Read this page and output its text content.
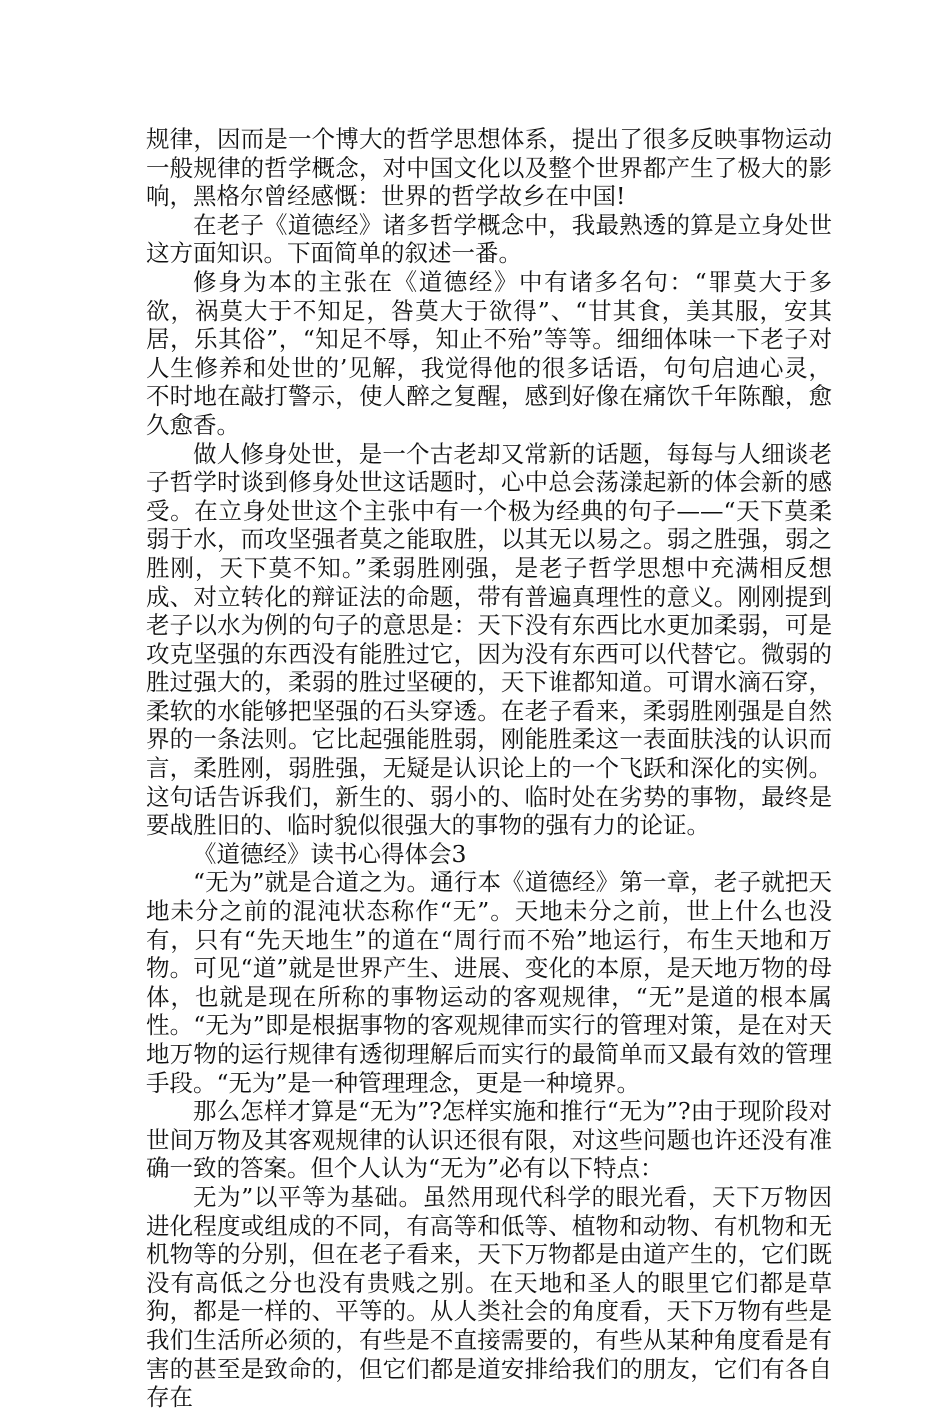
规律，因而是一个博大的哲学思想体系，提出了很多反映事物运动一般规律的哲学概念，对中国文化以及整个世界都产生了极大的影响，黑格尔曾经感慨：世界的哲学故乡在中国!

在老子《道德经》诸多哲学概念中，我最熟透的算是立身处世这方面知识。下面简单的叙述一番。

修身为本的主张在《道德经》中有诸多名句：“罪莫大于多欲，祸莫大于不知足，咎莫大于欲得”、“甘其食，美其服，安其居，乐其俗”，“知足不辱，知止不殆”等等。细细体味一下老子对人生修养和处世的’见解，我觉得他的很多话语，句句启迪心灵，不时地在敲打警示，使人醉之复醒，感到好像在痛饮千年陈酿，愈久愈香。

做人修身处世，是一个古老却又常新的话题，每每与人细谈老子哲学时谈到修身处世这话题时，心中总会荡漾起新的体会新的感受。在立身处世这个主张中有一个极为经典的句子——“天下莫柔弱于水，而攻坚强者莫之能取胜，以其无以易之。弱之胜强，弱之胜刚，天下莫不知。”柔弱胜刚强，是老子哲学思想中充满相反想成、对立转化的辩证法的命题，带有普遍真理性的意义。刚刚提到老子以水为例的句子的意思是：天下没有东西比水更加柔弱，可是攻克坚强的东西没有能胜过它，因为没有东西可以代替它。微弱的胜过强大的，柔弱的胜过坚硬的，天下谁都知道。可谓水滴石穿，柔软的水能够把坚强的石头穿透。在老子看来，柔弱胜刚强是自然界的一条法则。它比起强能胜弱，刚能胜柔这一表面肤浅的认识而言，柔胜刚，弱胜强，无疑是认识论上的一个飞跃和深化的实例。这句话告诉我们，新生的、弱小的、临时处在劣势的事物，最终是要战胜旧的、临时貌似很强大的事物的强有力的论证。

《道德经》读书心得体会3

“无为”就是合道之为。通行本《道德经》第一章，老子就把天地未分之前的混沌状态称作“无”。天地未分之前，世上什么也没有，只有“先天地生”的道在“周行而不殆”地运行，布生天地和万物。可见“道”就是世界产生、进展、变化的本原，是天地万物的母体，也就是现在所称的事物运动的客观规律，“无”是道的根本属性。“无为”即是根据事物的客观规律而实行的管理对策，是在对天地万物的运行规律有透彻理解后而实行的最简单而又最有效的管理手段。“无为”是一种管理理念，更是一种境界。

那么怎样才算是“无为”?怎样实施和推行“无为”?由于现阶段对世间万物及其客观规律的认识还很有限，对这些问题也许还没有准确一致的答案。但个人认为“无为”必有以下特点：

无为”以平等为基础。虽然用现代科学的眼光看，天下万物因进化程度或组成的不同，有高等和低等、植物和动物、有机物和无机物等的分别，但在老子看来，天下万物都是由道产生的，它们既没有高低之分也没有贵贱之别。在天地和圣人的眼里它们都是草狗，都是一样的、平等的。从人类社会的角度看，天下万物有些是我们生活所必须的，有些是不直接需要的，有些从某种角度看是有害的甚至是致命的，但它们都是道安排给我们的朋友，它们有各自存在
